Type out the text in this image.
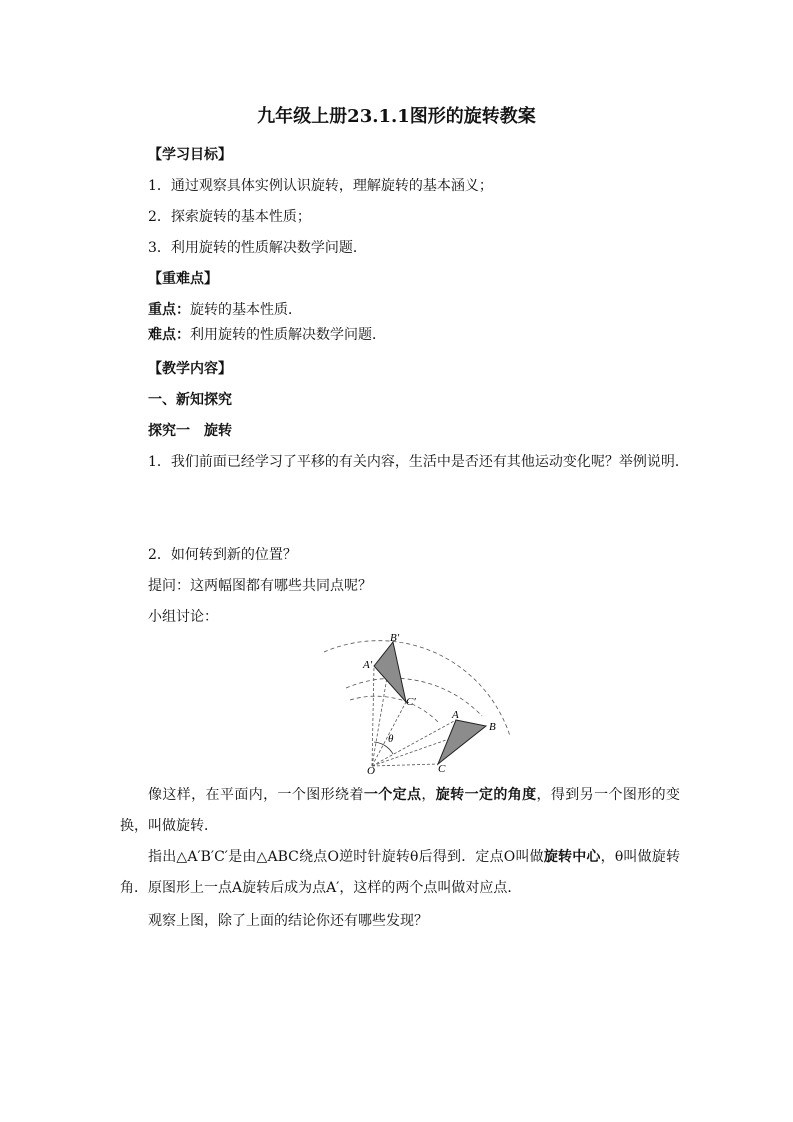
九年级上册23.1.1图形的旋转教案
【学习目标】
1．通过观察具体实例认识旋转，理解旋转的基本涵义；
2．探索旋转的基本性质；
3．利用旋转的性质解决数学问题．
【重难点】
重点：旋转的基本性质．
难点：利用旋转的性质解决数学问题．
【教学内容】
一、新知探究
探究一　旋转
1．我们前面已经学习了平移的有关内容，生活中是否还有其他运动变化呢？举例说明．
2．如何转到新的位置？
提问：这两幅图都有哪些共同点呢？
小组讨论：
O
θ
A′
B′
C′
A
B
C
像这样，在平面内，一个图形绕着一个定点，旋转一定的角度，得到另一个图形的变换，叫做旋转．
指出△A′B′C′是由△ABC绕点O逆时针旋转θ后得到．定点O叫做旋转中心，θ叫做旋转角．原图形上一点A旋转后成为点A′，这样的两个点叫做对应点．
观察上图，除了上面的结论你还有哪些发现？
